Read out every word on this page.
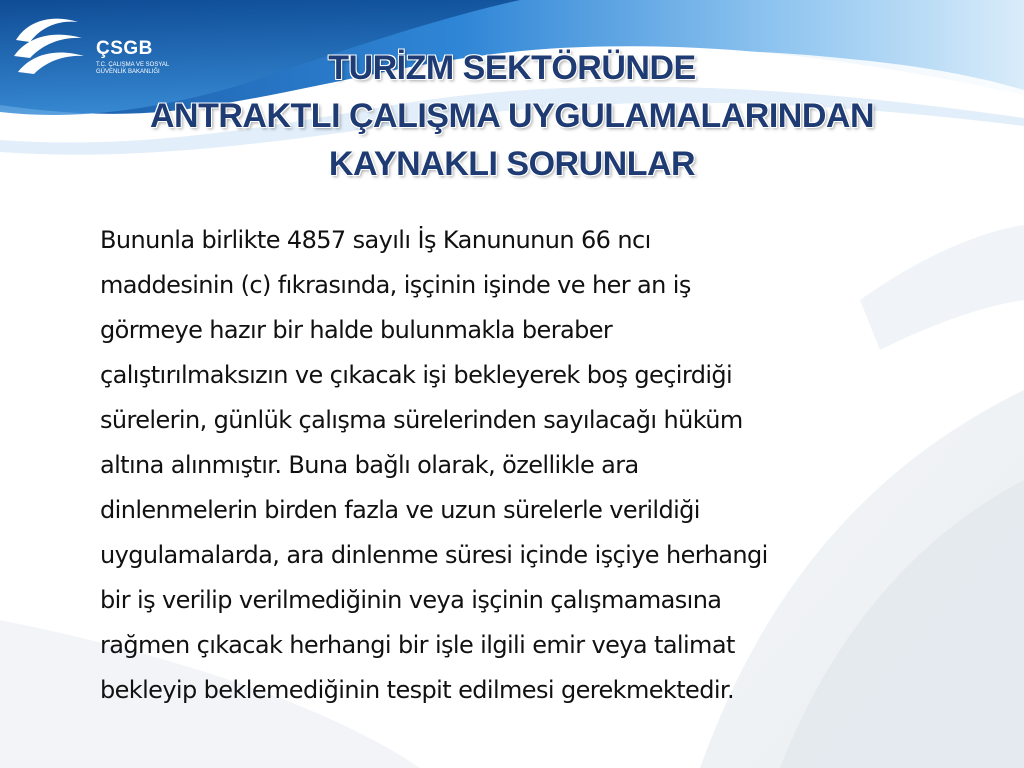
ÇSGB
T.C. ÇALIŞMA VE SOSYAL GÜVENLİK BAKANLIĞI	TURİZM SEKTÖRÜNDE
ANTRAKTLI ÇALIŞMA UYGULAMALARINDAN
KAYNAKLI SORUNLAR
Bununla birlikte 4857 sayılı İş Kanununun 66 ncı
maddesinin (c) fıkrasında, işçinin işinde ve her an iş
görmeye hazır bir halde bulunmakla beraber
çalıştırılmaksızın ve çıkacak işi bekleyerek boş geçirdiği
sürelerin, günlük çalışma sürelerinden sayılacağı hüküm
altına alınmıştır. Buna bağlı olarak, özellikle ara
dinlenmelerin birden fazla ve uzun sürelerle verildiği
uygulamalarda, ara dinlenme süresi içinde işçiye herhangi
bir iş verilip verilmediğinin veya işçinin çalışmamasına
rağmen çıkacak herhangi bir işle ilgili emir veya talimat
bekleyip beklemediğinin tespit edilmesi gerekmektedir.
